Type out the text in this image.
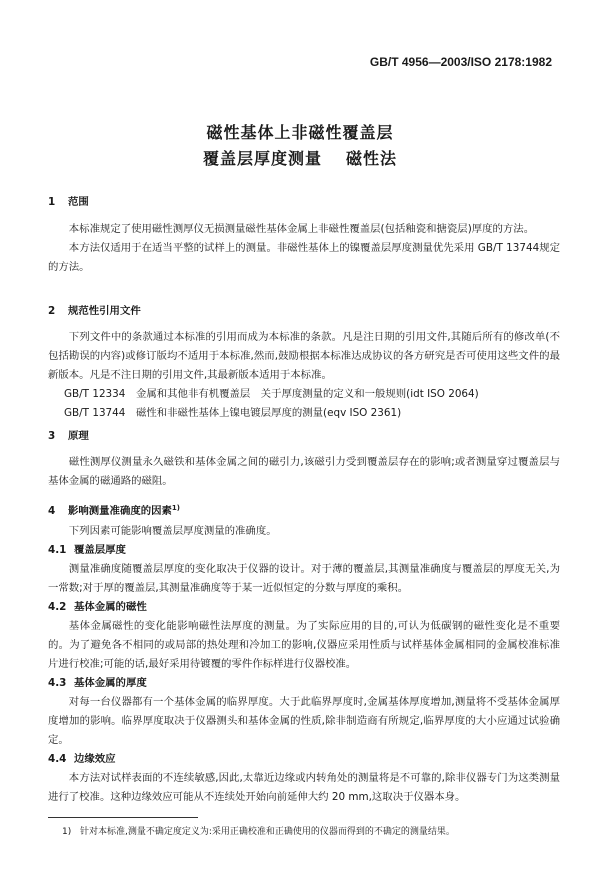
GB/T 4956—2003/ISO 2178:1982
磁性基体上非磁性覆盖层
覆盖层厚度测量 磁性法
1 范围

本标准规定了使用磁性测厚仪无损测量磁性基体金属上非磁性覆盖层(包括釉瓷和搪瓷层)厚度的方法。

本方法仅适用于在适当平整的试样上的测量。非磁性基体上的镍覆盖层厚度测量优先采用 GB/T 13744规定的方法。

2 规范性引用文件

下列文件中的条款通过本标准的引用而成为本标准的条款。凡是注日期的引用文件,其随后所有的修改单(不包括勘误的内容)或修订版均不适用于本标准,然而,鼓励根据本标准达成协议的各方研究是否可使用这些文件的最新版本。凡是不注日期的引用文件,其最新版本适用于本标准。

GB/T 12334	金属和其他非有机覆盖层　关于厚度测量的定义和一般规则(idt ISO 2064)
GB/T 13744	磁性和非磁性基体上镍电镀层厚度的测量(eqv ISO 2361)
3 原理

磁性测厚仪测量永久磁铁和基体金属之间的磁引力,该磁引力受到覆盖层存在的影响;或者测量穿过覆盖层与基体金属的磁通路的磁阻。

4 影响测量准确度的因素$^{1)}$

下列因素可能影响覆盖层厚度测量的准确度。

4.1 覆盖层厚度

测量准确度随覆盖层厚度的变化取决于仪器的设计。对于薄的覆盖层,其测量准确度与覆盖层的厚度无关,为一常数;对于厚的覆盖层,其测量准确度等于某一近似恒定的分数与厚度的乘积。

4.2 基体金属的磁性

基体金属磁性的变化能影响磁性法厚度的测量。为了实际应用的目的,可认为低碳钢的磁性变化是不重要的。为了避免各不相同的或局部的热处理和冷加工的影响,仪器应采用性质与试样基体金属相同的金属校准标准片进行校准;可能的话,最好采用待镀覆的零件作标样进行仪器校准。

4.3 基体金属的厚度

对每一台仪器都有一个基体金属的临界厚度。大于此临界厚度时,金属基体厚度增加,测量将不受基体金属厚度增加的影响。临界厚度取决于仪器测头和基体金属的性质,除非制造商有所规定,临界厚度的大小应通过试验确定。

4.4 边缘效应

本方法对试样表面的不连续敏感,因此,太靠近边缘或内转角处的测量将是不可靠的,除非仪器专门为这类测量进行了校准。这种边缘效应可能从不连续处开始向前延伸大约 20 mm,这取决于仪器本身。

1) 针对本标准,测量不确定度定义为:采用正确校准和正确使用的仪器而得到的不确定的测量结果。
